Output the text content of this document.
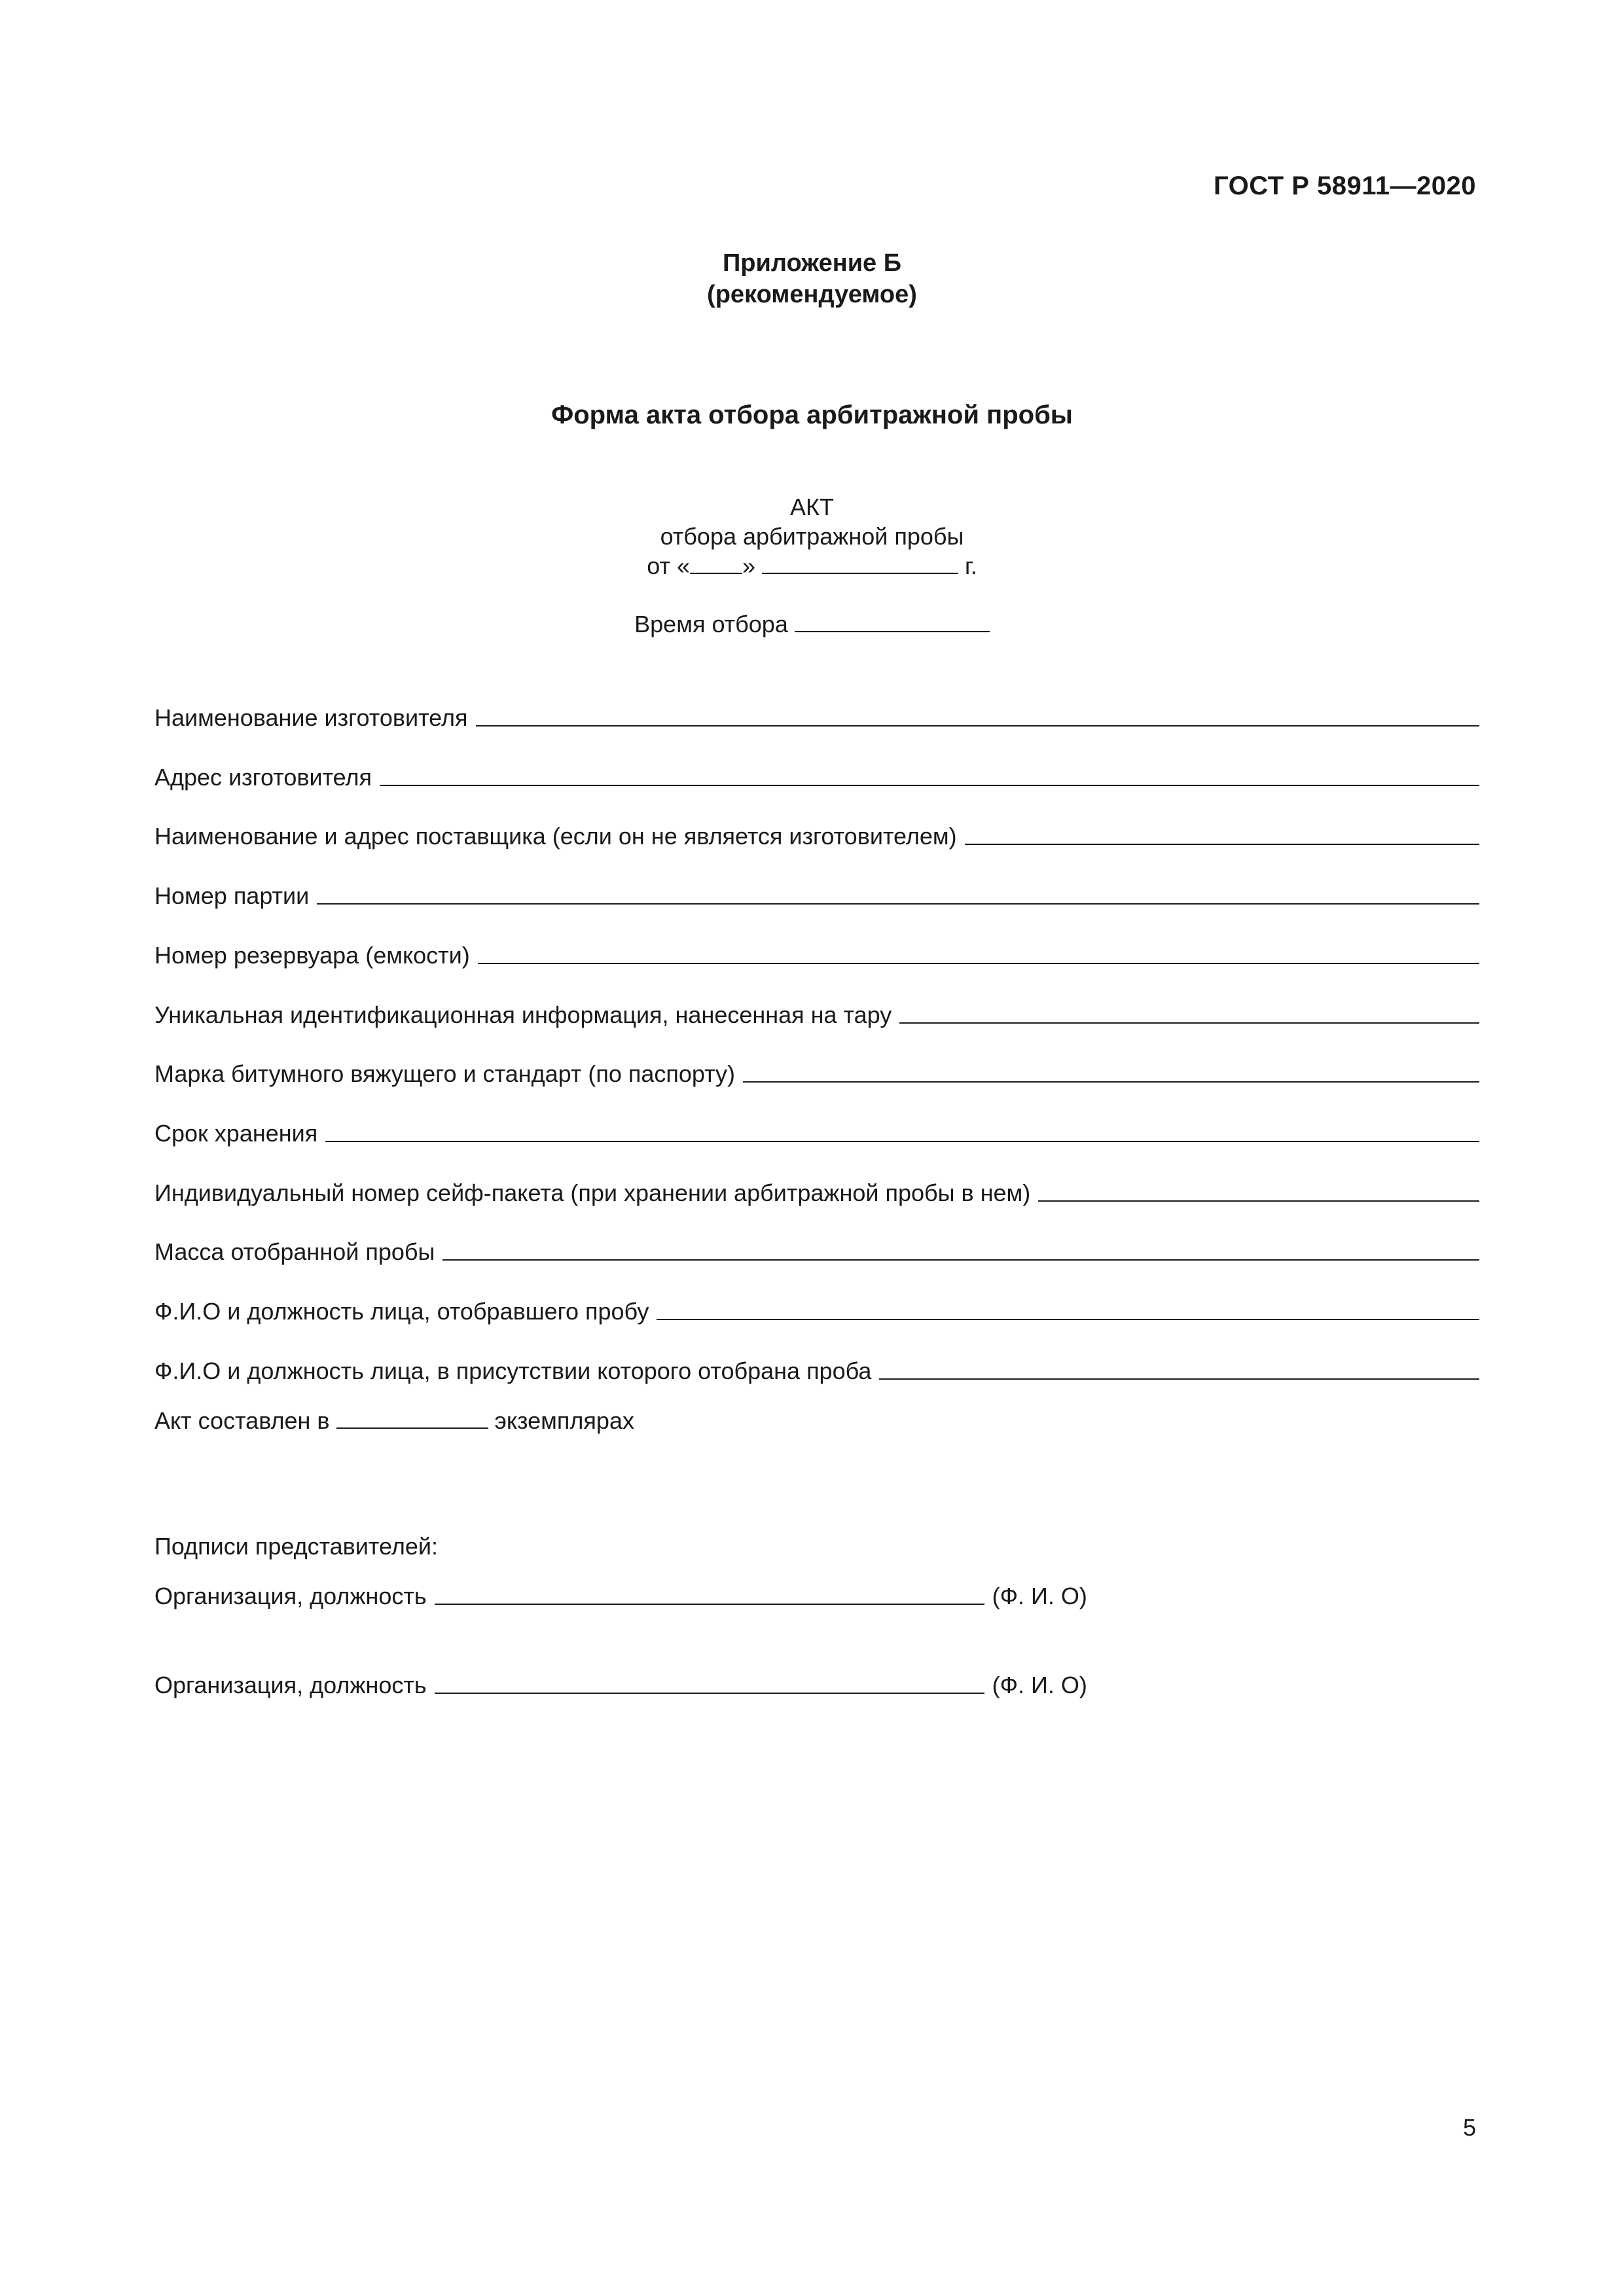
ГОСТ Р 58911—2020
Приложение Б
(рекомендуемое)
Форма акта отбора арбитражной пробы
АКТ
отбора арбитражной пробы
от « »	г.
Время отбора
Наименование изготовителя
Адрес изготовителя
Наименование и адрес поставщика (если он не является изготовителем)
Номер партии
Номер резервуара (емкости)
Уникальная идентификационная информация, нанесенная на тару
Марка битумного вяжущего и стандарт (по паспорту)
Срок хранения
Индивидуальный номер сейф-пакета (при хранении арбитражной пробы в нем)
Масса отобранной пробы
Ф.И.О и должность лица, отобравшего пробу
Ф.И.О и должность лица, в присутствии которого отобрана проба
Акт составлен в	экземплярах
Подписи представителей:
Организация, должность	(Ф. И. О)
Организация, должность	(Ф. И. О)
5
